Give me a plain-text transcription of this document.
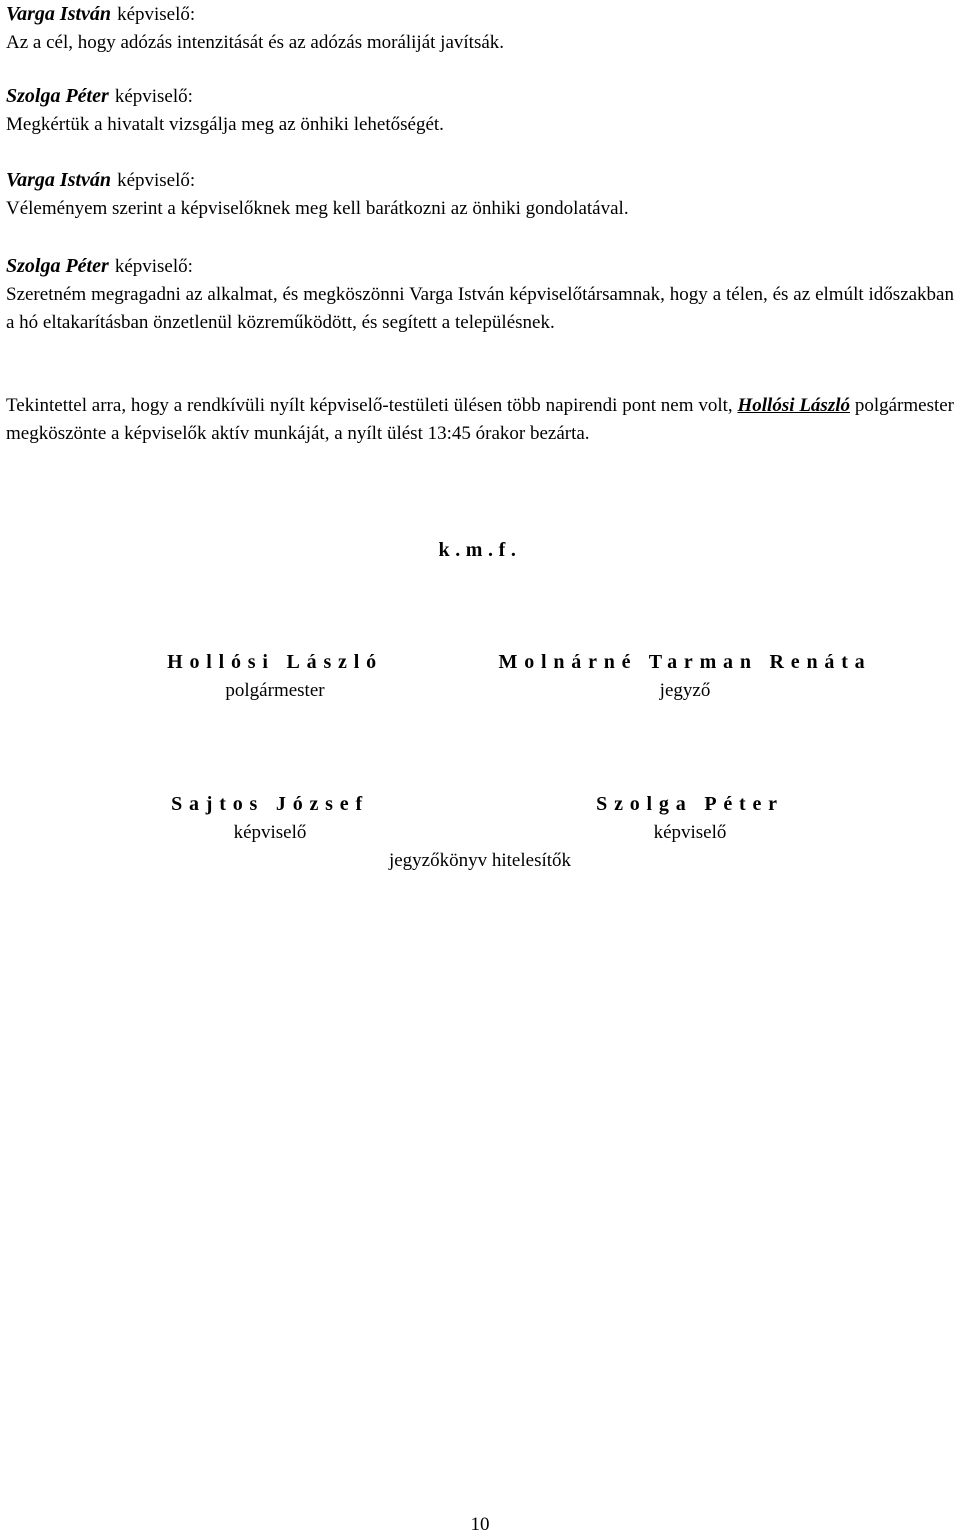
Varga István képviselő:
Az a cél, hogy adózás intenzitását és az adózás moráliját javítsák.
Szolga Péter képviselő:
Megkértük a hivatalt vizsgálja meg az önhiki lehetőségét.
Varga István képviselő:
Véleményem szerint a képviselőknek meg kell barátkozni az önhiki gondolatával.
Szolga Péter képviselő:
Szeretném megragadni az alkalmat, és megköszönni Varga István képviselőtársamnak, hogy a télen, és az elmúlt időszakban a hó eltakarításban önzetlenül közreműködött, és segített a településnek.
Tekintettel arra, hogy a rendkívüli nyílt képviselő-testületi ülésen több napirendi pont nem volt, Hollósi László polgármester megköszönte a képviselők aktív munkáját, a nyílt ülést 13:45 órakor bezárta.
k.m.f.
Hollósi László
polgármester
Molnárné Tarman Renáta
jegyző
Sajtos József
képviselő
Szolga Péter
képviselő
jegyzőkönyv hitelesítők
10
